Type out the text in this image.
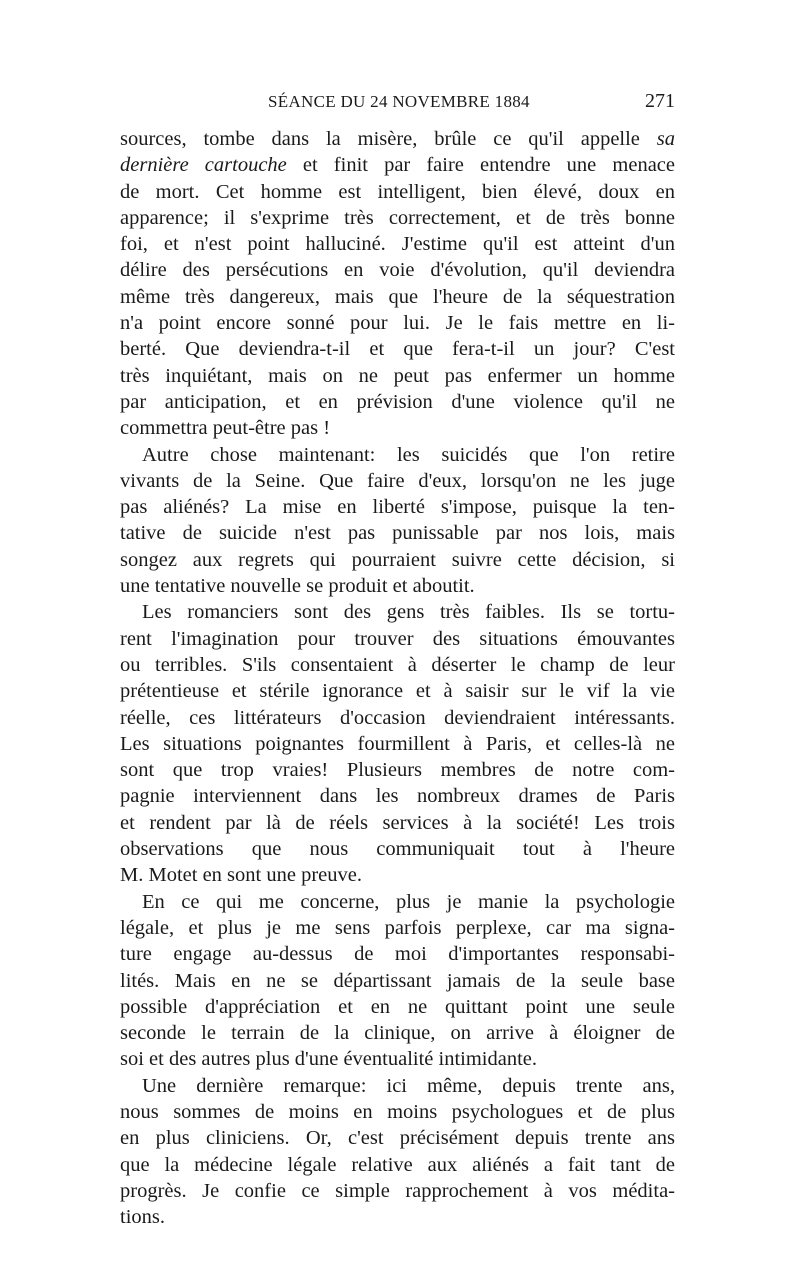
SÉANCE DU 24 NOVEMBRE 1884	271
sources, tombe dans la misère, brûle ce qu'il appelle sa
dernière cartouche et finit par faire entendre une menace
de mort. Cet homme est intelligent, bien élevé, doux en
apparence; il s'exprime très correctement, et de très bonne
foi, et n'est point halluciné. J'estime qu'il est atteint d'un
délire des persécutions en voie d'évolution, qu'il deviendra
même très dangereux, mais que l'heure de la séquestration
n'a point encore sonné pour lui. Je le fais mettre en li-
berté. Que deviendra-t-il et que fera-t-il un jour? C'est
très inquiétant, mais on ne peut pas enfermer un homme
par anticipation, et en prévision d'une violence qu'il ne
commettra peut-être pas !
Autre chose maintenant: les suicidés que l'on retire
vivants de la Seine. Que faire d'eux, lorsqu'on ne les juge
pas aliénés? La mise en liberté s'impose, puisque la ten-
tative de suicide n'est pas punissable par nos lois, mais
songez aux regrets qui pourraient suivre cette décision, si
une tentative nouvelle se produit et aboutit.
Les romanciers sont des gens très faibles. Ils se tortu-
rent l'imagination pour trouver des situations émouvantes
ou terribles. S'ils consentaient à déserter le champ de leur
prétentieuse et stérile ignorance et à saisir sur le vif la vie
réelle, ces littérateurs d'occasion deviendraient intéressants.
Les situations poignantes fourmillent à Paris, et celles-là ne
sont que trop vraies! Plusieurs membres de notre com-
pagnie interviennent dans les nombreux drames de Paris
et rendent par là de réels services à la société! Les trois
observations que nous communiquait tout à l'heure
M. Motet en sont une preuve.
En ce qui me concerne, plus je manie la psychologie
légale, et plus je me sens parfois perplexe, car ma signa-
ture engage au-dessus de moi d'importantes responsabi-
lités. Mais en ne se départissant jamais de la seule base
possible d'appréciation et en ne quittant point une seule
seconde le terrain de la clinique, on arrive à éloigner de
soi et des autres plus d'une éventualité intimidante.
Une dernière remarque: ici même, depuis trente ans,
nous sommes de moins en moins psychologues et de plus
en plus cliniciens. Or, c'est précisément depuis trente ans
que la médecine légale relative aux aliénés a fait tant de
progrès. Je confie ce simple rapprochement à vos médita-
tions.
